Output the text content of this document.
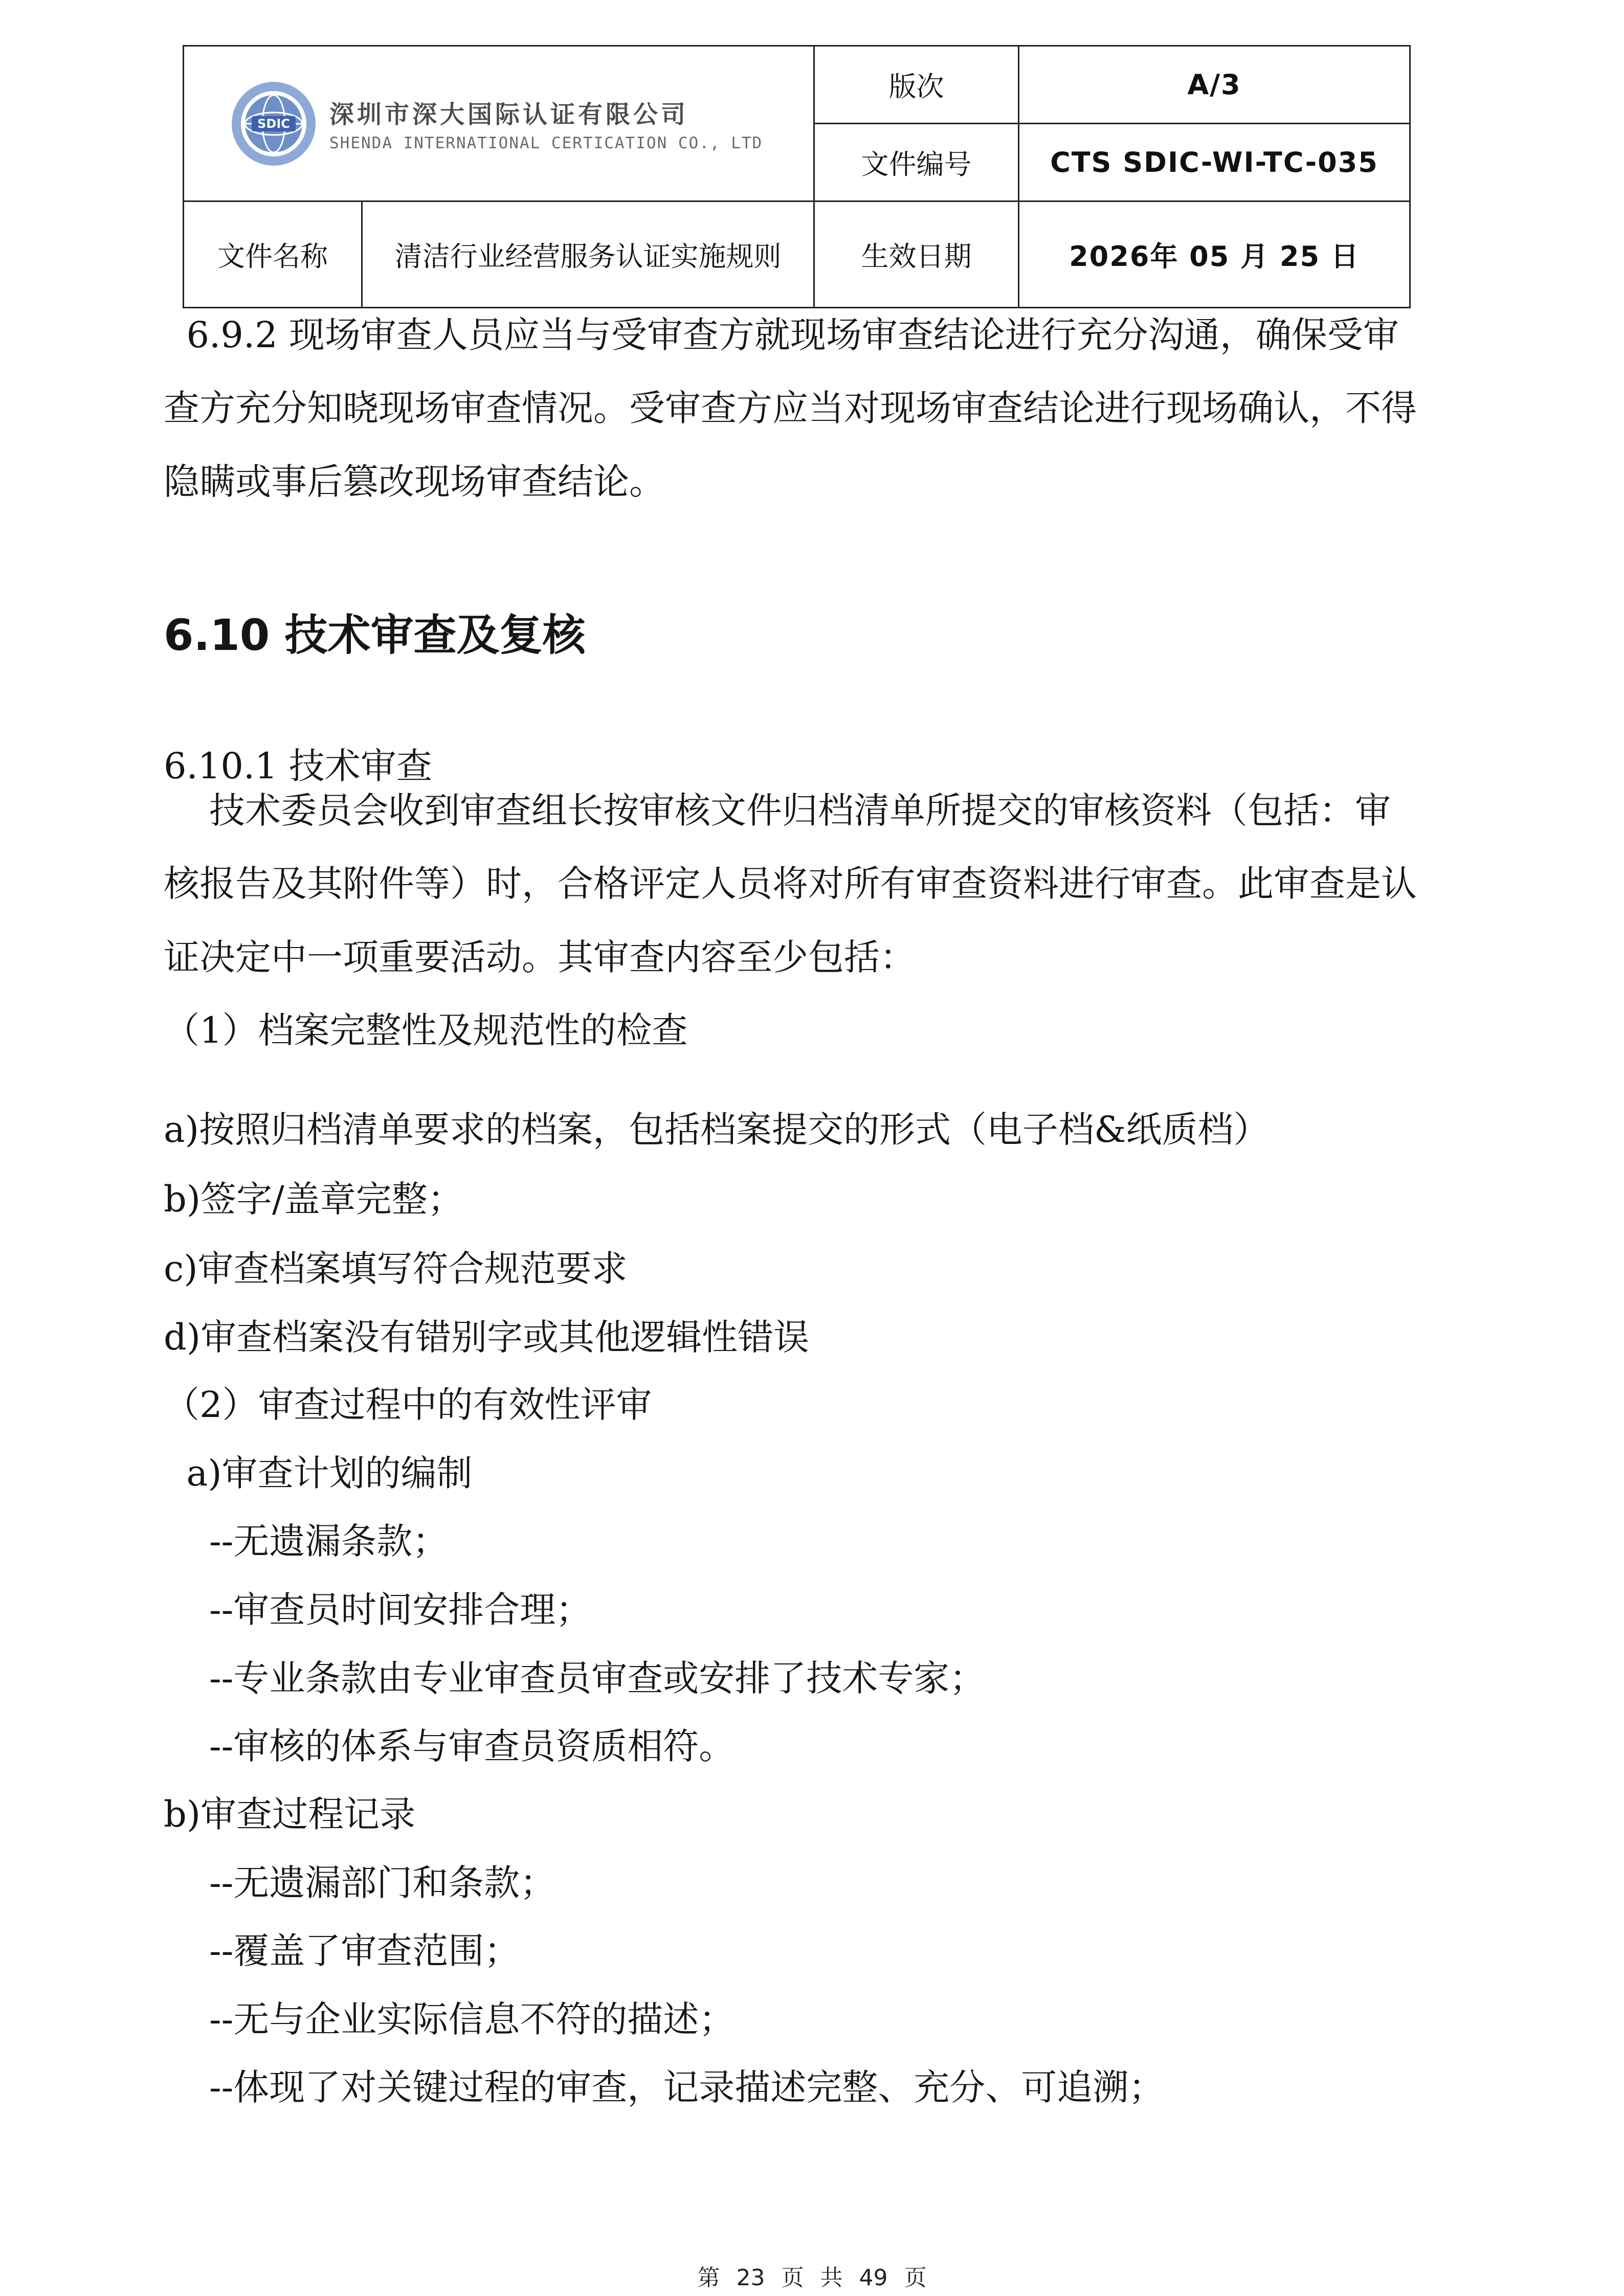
SDIC 深圳市深大国际认证有限公司
SHENDA INTERNATIONAL CERTICATION CO., LTD		版次	A/3
		文件编号	CTS SDIC-WI-TC-035
文件名称	清洁行业经营服务认证实施规则	生效日期	2026年 05 月 25 日
6.9.2 现场审查人员应当与受审查方就现场审查结论进行充分沟通，确保受审
查方充分知晓现场审查情况。受审查方应当对现场审查结论进行现场确认，不得
隐瞒或事后篡改现场审查结论。
6.10 技术审查及复核
6.10.1 技术审查
技术委员会收到审查组长按审核文件归档清单所提交的审核资料（包括：审
核报告及其附件等）时，合格评定人员将对所有审查资料进行审查。此审查是认
证决定中一项重要活动。其审查内容至少包括：
（1）档案完整性及规范性的检查
a)按照归档清单要求的档案，包括档案提交的形式（电子档&纸质档）
b)签字/盖章完整；
c)审查档案填写符合规范要求
d)审查档案没有错别字或其他逻辑性错误
（2）审查过程中的有效性评审
a)审查计划的编制
--无遗漏条款；
--审查员时间安排合理；
--专业条款由专业审查员审查或安排了技术专家；
--审核的体系与审查员资质相符。
b)审查过程记录
--无遗漏部门和条款；
--覆盖了审查范围；
--无与企业实际信息不符的描述；
--体现了对关键过程的审查，记录描述完整、充分、可追溯；
第 23 页 共 49 页
